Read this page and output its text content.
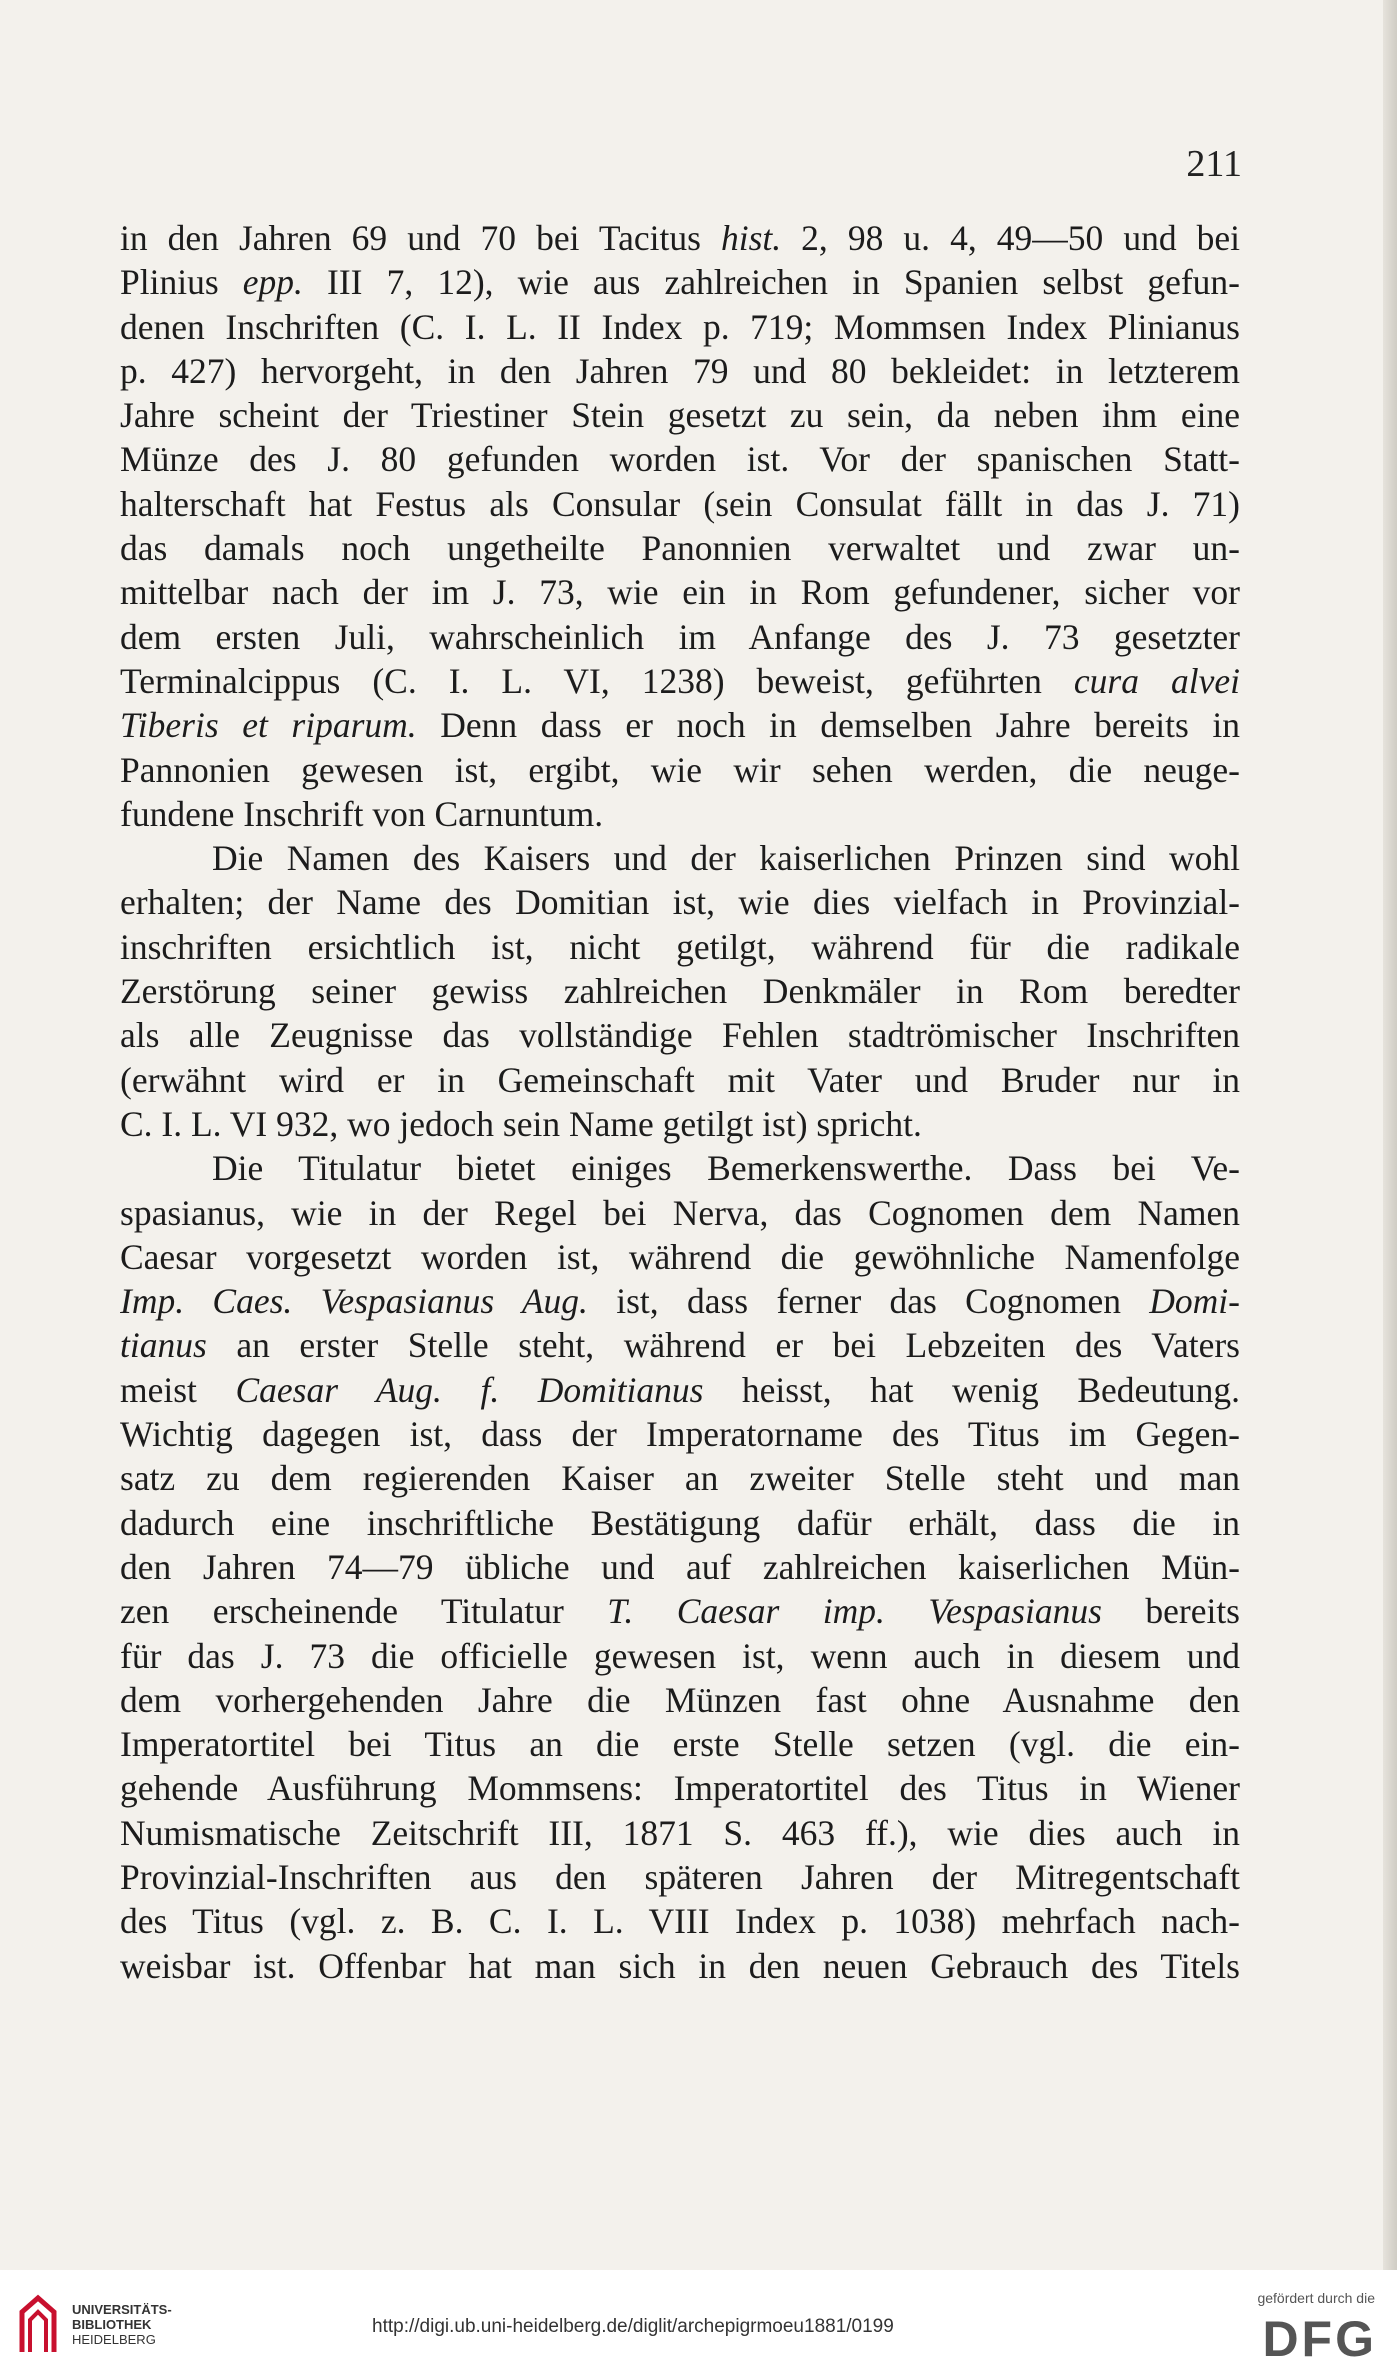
211
in den Jahren 69 und 70 bei Tacitus hist. 2, 98 u. 4, 49—50 und bei
Plinius epp. III 7, 12), wie aus zahlreichen in Spanien selbst gefun-
denen Inschriften (C. I. L. II Index p. 719; Mommsen Index Plinianus
p. 427) hervorgeht, in den Jahren 79 und 80 bekleidet: in letzterem
Jahre scheint der Triestiner Stein gesetzt zu sein, da neben ihm eine
Münze des J. 80 gefunden worden ist. Vor der spanischen Statt-
halterschaft hat Festus als Consular (sein Consulat fällt in das J. 71)
das damals noch ungetheilte Panonnien verwaltet und zwar un-
mittelbar nach der im J. 73, wie ein in Rom gefundener, sicher vor
dem ersten Juli, wahrscheinlich im Anfange des J. 73 gesetzter
Terminalcippus (C. I. L. VI, 1238) beweist, geführten cura alvei
Tiberis et riparum. Denn dass er noch in demselben Jahre bereits in
Pannonien gewesen ist, ergibt, wie wir sehen werden, die neuge-
fundene Inschrift von Carnuntum.
Die Namen des Kaisers und der kaiserlichen Prinzen sind wohl
erhalten; der Name des Domitian ist, wie dies vielfach in Provinzial-
inschriften ersichtlich ist, nicht getilgt, während für die radikale
Zerstörung seiner gewiss zahlreichen Denkmäler in Rom beredter
als alle Zeugnisse das vollständige Fehlen stadtrömischer Inschriften
(erwähnt wird er in Gemeinschaft mit Vater und Bruder nur in
C. I. L. VI 932, wo jedoch sein Name getilgt ist) spricht.
Die Titulatur bietet einiges Bemerkenswerthe. Dass bei Ve-
spasianus, wie in der Regel bei Nerva, das Cognomen dem Namen
Caesar vorgesetzt worden ist, während die gewöhnliche Namenfolge
Imp. Caes. Vespasianus Aug. ist, dass ferner das Cognomen Domi-
tianus an erster Stelle steht, während er bei Lebzeiten des Vaters
meist Caesar Aug. f. Domitianus heisst, hat wenig Bedeutung.
Wichtig dagegen ist, dass der Imperatorname des Titus im Gegen-
satz zu dem regierenden Kaiser an zweiter Stelle steht und man
dadurch eine inschriftliche Bestätigung dafür erhält, dass die in
den Jahren 74—79 übliche und auf zahlreichen kaiserlichen Mün-
zen erscheinende Titulatur T. Caesar imp. Vespasianus bereits
für das J. 73 die officielle gewesen ist, wenn auch in diesem und
dem vorhergehenden Jahre die Münzen fast ohne Ausnahme den
Imperatortitel bei Titus an die erste Stelle setzen (vgl. die ein-
gehende Ausführung Mommsens: Imperatortitel des Titus in Wiener
Numismatische Zeitschrift III, 1871 S. 463 ff.), wie dies auch in
Provinzial-Inschriften aus den späteren Jahren der Mitregentschaft
des Titus (vgl. z. B. C. I. L. VIII Index p. 1038) mehrfach nach-
weisbar ist. Offenbar hat man sich in den neuen Gebrauch des Titels
UNIVERSITÄTS-
BIBLIOTHEK
HEIDELBERG
http://digi.ub.uni-heidelberg.de/diglit/archepigrmoeu1881/0199
gefördert durch die
DFG
